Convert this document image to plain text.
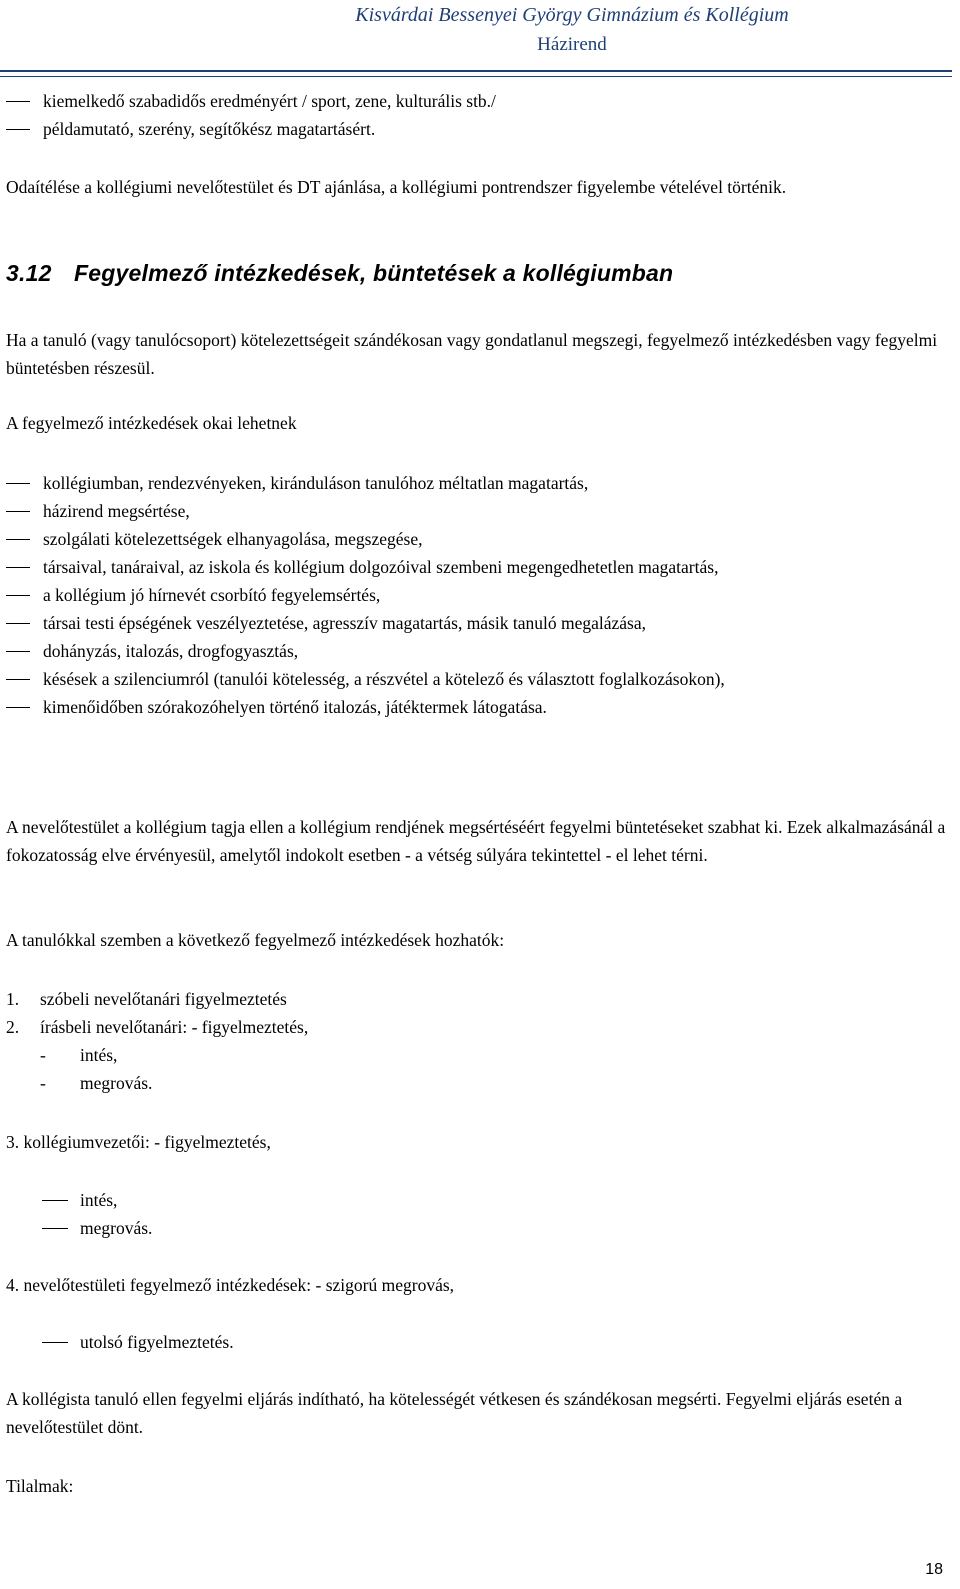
Kisvárdai Bessenyei György Gimnázium és Kollégium
Házirend
kiemelkedő szabadidős eredményért / sport, zene, kulturális stb./
példamutató, szerény, segítőkész magatartásért.

Odaítélése a kollégiumi nevelőtestület és DT ajánlása, a kollégiumi pontrendszer figyelembe vételével történik.

3.12 Fegyelmező intézkedések, büntetések a kollégiumban

Ha a tanuló (vagy tanulócsoport) kötelezettségeit szándékosan vagy gondatlanul megszegi, fegyelmező intézkedésben vagy fegyelmi büntetésben részesül.

A fegyelmező intézkedések okai lehetnek

kollégiumban, rendezvényeken, kiránduláson tanulóhoz méltatlan magatartás,
házirend megsértése,
szolgálati kötelezettségek elhanyagolása, megszegése,
társaival, tanáraival, az iskola és kollégium dolgozóival szembeni megengedhetetlen magatartás,
a kollégium jó hírnevét csorbító fegyelemsértés,
társai testi épségének veszélyeztetése, agresszív magatartás, másik tanuló megalázása,
dohányzás, italozás, drogfogyasztás,
késések a szilenciumról (tanulói kötelesség, a részvétel a kötelező és választott foglalkozásokon),
kimenőidőben szórakozóhelyen történő italozás, játéktermek látogatása.

A nevelőtestület a kollégium tagja ellen a kollégium rendjének megsértéséért fegyelmi büntetéseket szabhat ki. Ezek alkalmazásánál a fokozatosság elve érvényesül, amelytől indokolt esetben - a vétség súlyára tekintettel - el lehet térni.

A tanulókkal szemben a következő fegyelmező intézkedések hozhatók:

1.	szóbeli nevelőtanári figyelmeztetés
2.	írásbeli nevelőtanári: - figyelmeztetés,
-	intés,
-	megrovás.

3. kollégiumvezetői: - figyelmeztetés,

intés,
megrovás.

4. nevelőtestületi fegyelmező intézkedések: - szigorú megrovás,

utolsó figyelmeztetés.

A kollégista tanuló ellen fegyelmi eljárás indítható, ha kötelességét vétkesen és szándékosan megsérti. Fegyelmi eljárás esetén a nevelőtestület dönt.

Tilalmak:

18
